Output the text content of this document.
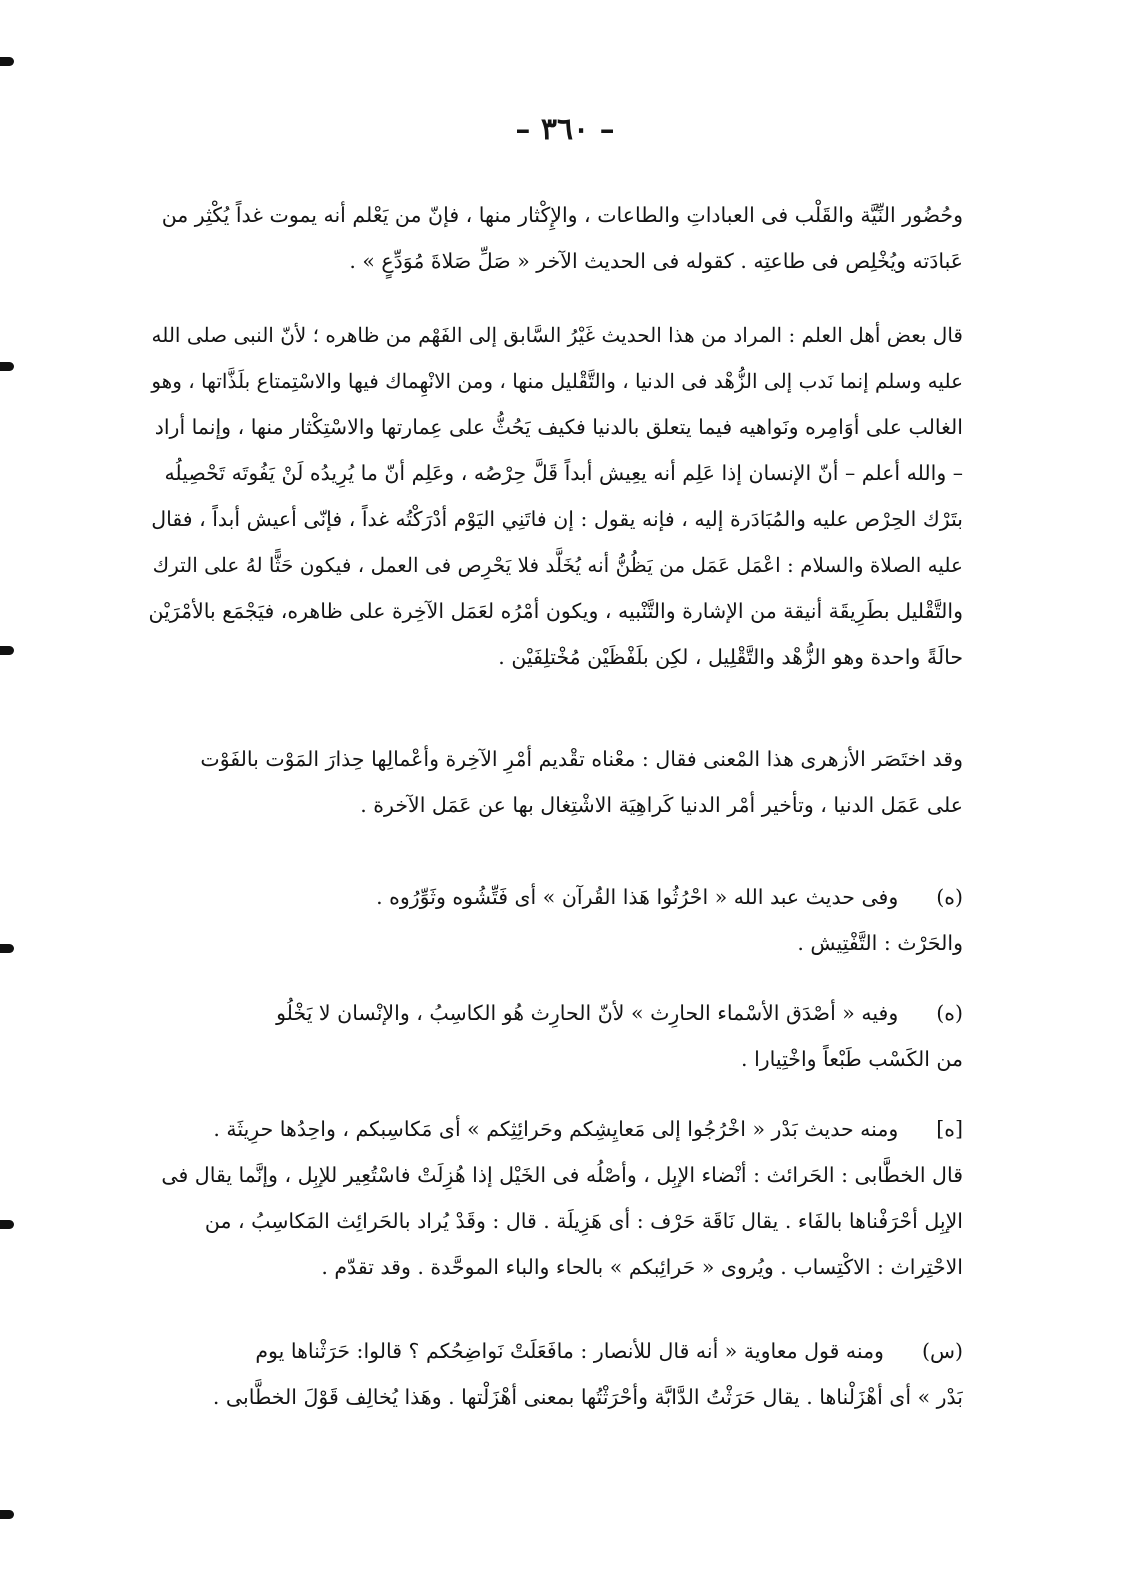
– ٣٦٠ –
وحُضُور النِّيَّة والقَلْب فى العباداتِ والطاعات ، والإِكْثار منها ، فإنّ من يَعْلم أنه يموت غداً يُكْثِر من
عَبادَته ويُخْلِص فى طاعتِه . كقوله فى الحديث الآخر « صَلِّ صَلاةَ مُوَدِّعٍ » .
قال بعض أهل العلم : المراد من هذا الحديث غَيْرُ السَّابق إلى الفَهْم من ظاهره ؛ لأنّ النبى صلى الله
عليه وسلم إنما نَدب إلى الزُّهْد فى الدنيا ، والتَّقْليل منها ، ومن الانْهِماك فيها والاسْتِمتاع بلَذَّاتها ، وهو
الغالب على أوَامِره ونَواهيه فيما يتعلق بالدنيا فكيف يَحُثُّ على عِمارتها والاسْتِكْثار منها ، وإنما أراد
– والله أعلم – أنّ الإنسان إذا عَلِم أنه يعِيش أبداً قَلَّ حِرْصُه ، وعَلِم أنّ ما يُرِيدُه لَنْ يَفُوتَه تَحْصِيلُه
بتَرْك الحِرْص عليه والمُبَادَرة إليه ، فإنه يقول : إن فاتَنِي اليَوْم أدْرَكْتُه غداً ، فإنّى أعيش أبداً ، فقال
عليه الصلاة والسلام : اعْمَل عَمَل من يَظُنُّ أنه يُخَلَّد فلا يَحْرِص فى العمل ، فيكون حَثًّا لهُ على الترك
والتَّقْليل بطَرِيقَة أنيقة من الإشارة والتَّنْبيه ، ويكون أمْرُه لعَمَل الآخِرة على ظاهره، فيَجْمَع بالأمْرَيْن
حالَةً واحدة وهو الزُّهْد والتَّقْلِيل ، لكِن بلَفْظَيْن مُخْتلِفَيْن .
وقد اختَصَر الأزهرى هذا المْعنى فقال : معْناه تقْديم أمْرِ الآخِرة وأعْمالِها حِذارَ المَوْت بالفَوْت
على عَمَل الدنيا ، وتأخير أمْر الدنيا كَراهِيَة الاشْتِغال بها عن عَمَل الآخرة .
(ه)وفى حديث عبد الله « احْرُثُوا هَذا القُرآن » أى فَتِّشُوه وثَوِّرُوه .
والحَرْث : التَّفْتِيش .
(ه)وفيه « أصْدَق الأسْماء الحارِث » لأنّ الحارِث هُو الكاسِبُ ، والإنْسان لا يَخْلُو
من الكَسْب طَبْعاً واخْتِيارا .
[ه]ومنه حديث بَدْر « اخْرُجُوا إلى مَعايِشِكم وحَرائِثِكم » أى مَكاسِبكم ، واحِدُها حرِيثَة .
قال الخطَّابى : الحَرائث : أنْضاء الإبِل ، وأصْلُه فى الخَيْل إذا هُزِلَتْ فاسْتُعِير للإبِل ، وإنَّما يقال فى
الإبِل أحْرَفْناها بالفَاء . يقال نَاقَة حَرْف : أى هَزِيلَة . قال : وقَدْ يُراد بالحَرائِث المَكاسِبُ ، من
الاحْتِراث : الاكْتِساب . ويُروى « حَرائِبكم » بالحاء والباء الموحَّدة . وقد تقدّم .
(س)ومنه قول معاوية « أنه قال للأنصار : مافَعَلَتْ نَواضِحُكم ؟ قالوا: حَرَثْناها يوم
بَدْر » أى أهْزَلْناها . يقال حَرَثْتُ الدَّابَّة وأحْرَثْتُها بمعنى أهْزَلْتها . وهَذا يُخالِف قَوْلَ الخطَّابى .
